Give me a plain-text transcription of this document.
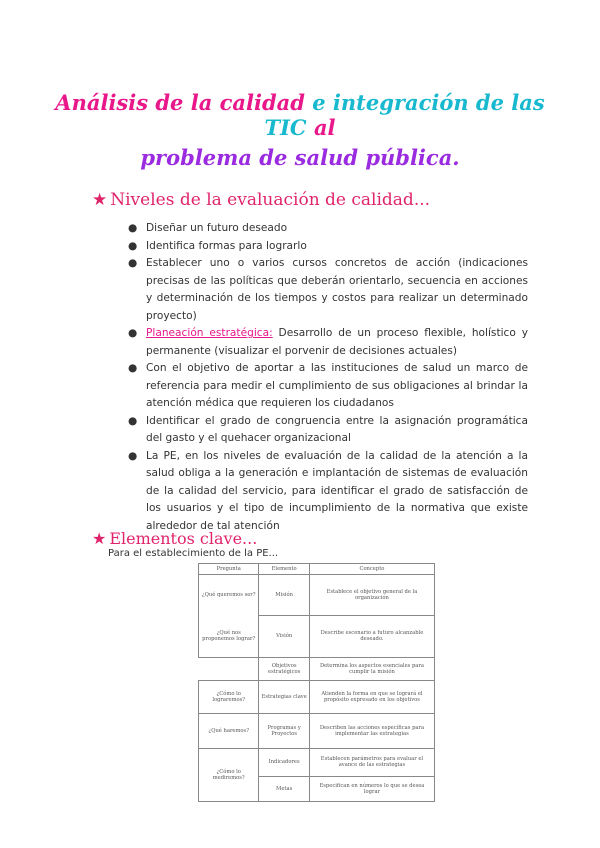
Análisis de la calidad e integración de las TIC al
problema de salud pública.
★ Niveles de la evaluación de calidad...
● Diseñar un futuro deseado
● Identifica formas para lograrlo
● Establecer uno o varios cursos concretos de acción (indicaciones precisas de las políticas que deberán orientarlo, secuencia en acciones y determinación de los tiempos y costos para realizar un determinado proyecto)
● Planeación estratégica: Desarrollo de un proceso flexible, holístico y permanente (visualizar el porvenir de decisiones actuales)
● Con el objetivo de aportar a las instituciones de salud un marco de referencia para medir el cumplimiento de sus obligaciones al brindar la atención médica que requieren los ciudadanos
● Identificar el grado de congruencia entre la asignación programática del gasto y el quehacer organizacional
● La PE, en los niveles de evaluación de la calidad de la atención a la salud obliga a la generación e implantación de sistemas de evaluación de la calidad del servicio, para identificar el grado de satisfacción de los usuarios y el tipo de incumplimiento de la normativa que existe alrededor de tal atención
★ Elementos clave...
Para el establecimiento de la PE...
Pregunta	Elemento	Concepto
¿Qué queremos ser?	Misión	Establece el objetivo general de la organización
¿Qué nos proponemos lograr?	Visión	Describe escenario a futuro alcanzable deseado.
	Objetivos estratégicos	Determina los aspectos esenciales para cumplir la misión
¿Cómo lo lograremos?	Estrategias clave	Atienden la forma en que se logrará el propósito expresado en los objetivos
¿Qué haremos?	Programas y Proyectos	Describen las acciones específicas para implementar las estrategias
¿Cómo lo mediremos?	Indicadores	Establecen parámetros para evaluar el avance de las estrategias
	Metas	Especifican en números lo que se desea lograr
